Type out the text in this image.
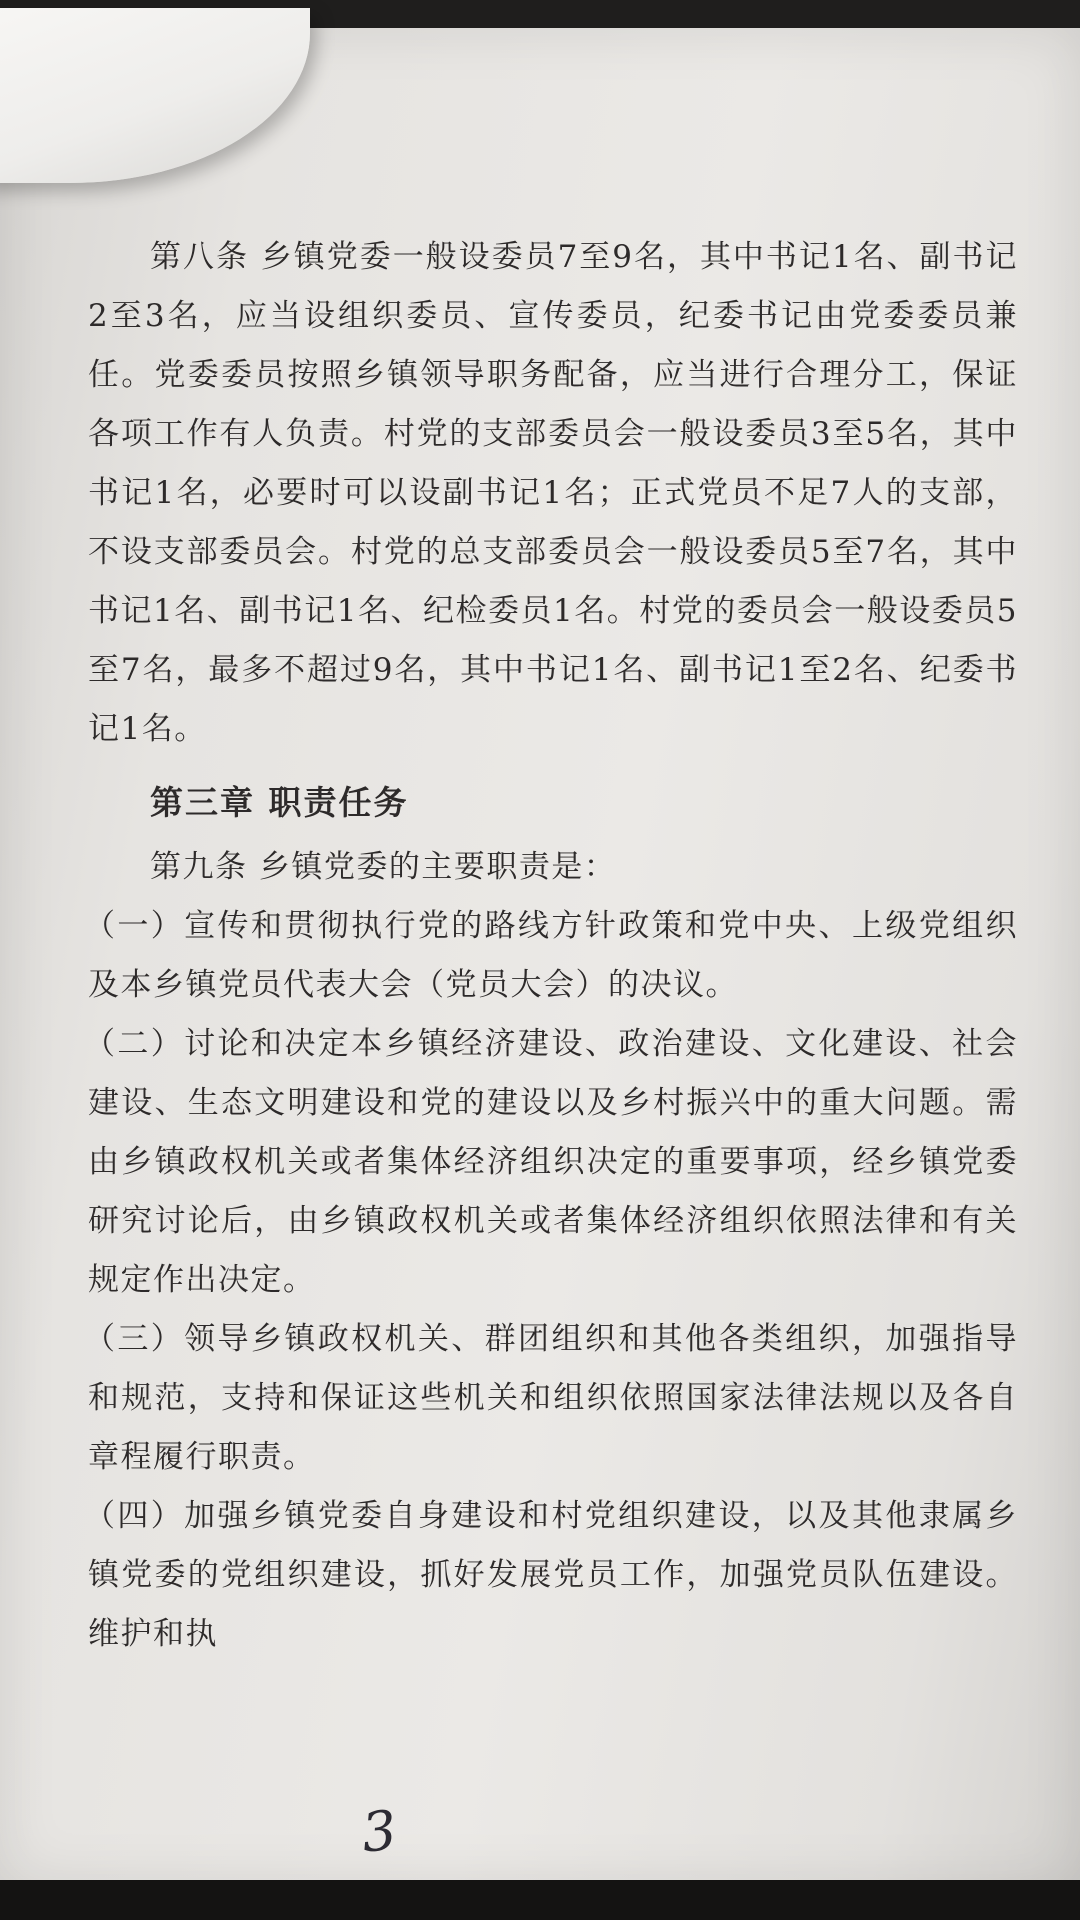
第八条 乡镇党委一般设委员7至9名，其中书记1名、副书记2至3名，应当设组织委员、宣传委员，纪委书记由党委委员兼任。党委委员按照乡镇领导职务配备，应当进行合理分工，保证各项工作有人负责。村党的支部委员会一般设委员3至5名，其中书记1名，必要时可以设副书记1名；正式党员不足7人的支部，不设支部委员会。村党的总支部委员会一般设委员5至7名，其中书记1名、副书记1名、纪检委员1名。村党的委员会一般设委员5至7名，最多不超过9名，其中书记1名、副书记1至2名、纪委书记1名。

第三章 职责任务

第九条 乡镇党委的主要职责是：

（一）宣传和贯彻执行党的路线方针政策和党中央、上级党组织及本乡镇党员代表大会（党员大会）的决议。

（二）讨论和决定本乡镇经济建设、政治建设、文化建设、社会建设、生态文明建设和党的建设以及乡村振兴中的重大问题。需由乡镇政权机关或者集体经济组织决定的重要事项，经乡镇党委研究讨论后，由乡镇政权机关或者集体经济组织依照法律和有关规定作出决定。

（三）领导乡镇政权机关、群团组织和其他各类组织，加强指导和规范，支持和保证这些机关和组织依照国家法律法规以及各自章程履行职责。

（四）加强乡镇党委自身建设和村党组织建设，以及其他隶属乡镇党委的党组织建设，抓好发展党员工作，加强党员队伍建设。维护和执

3
